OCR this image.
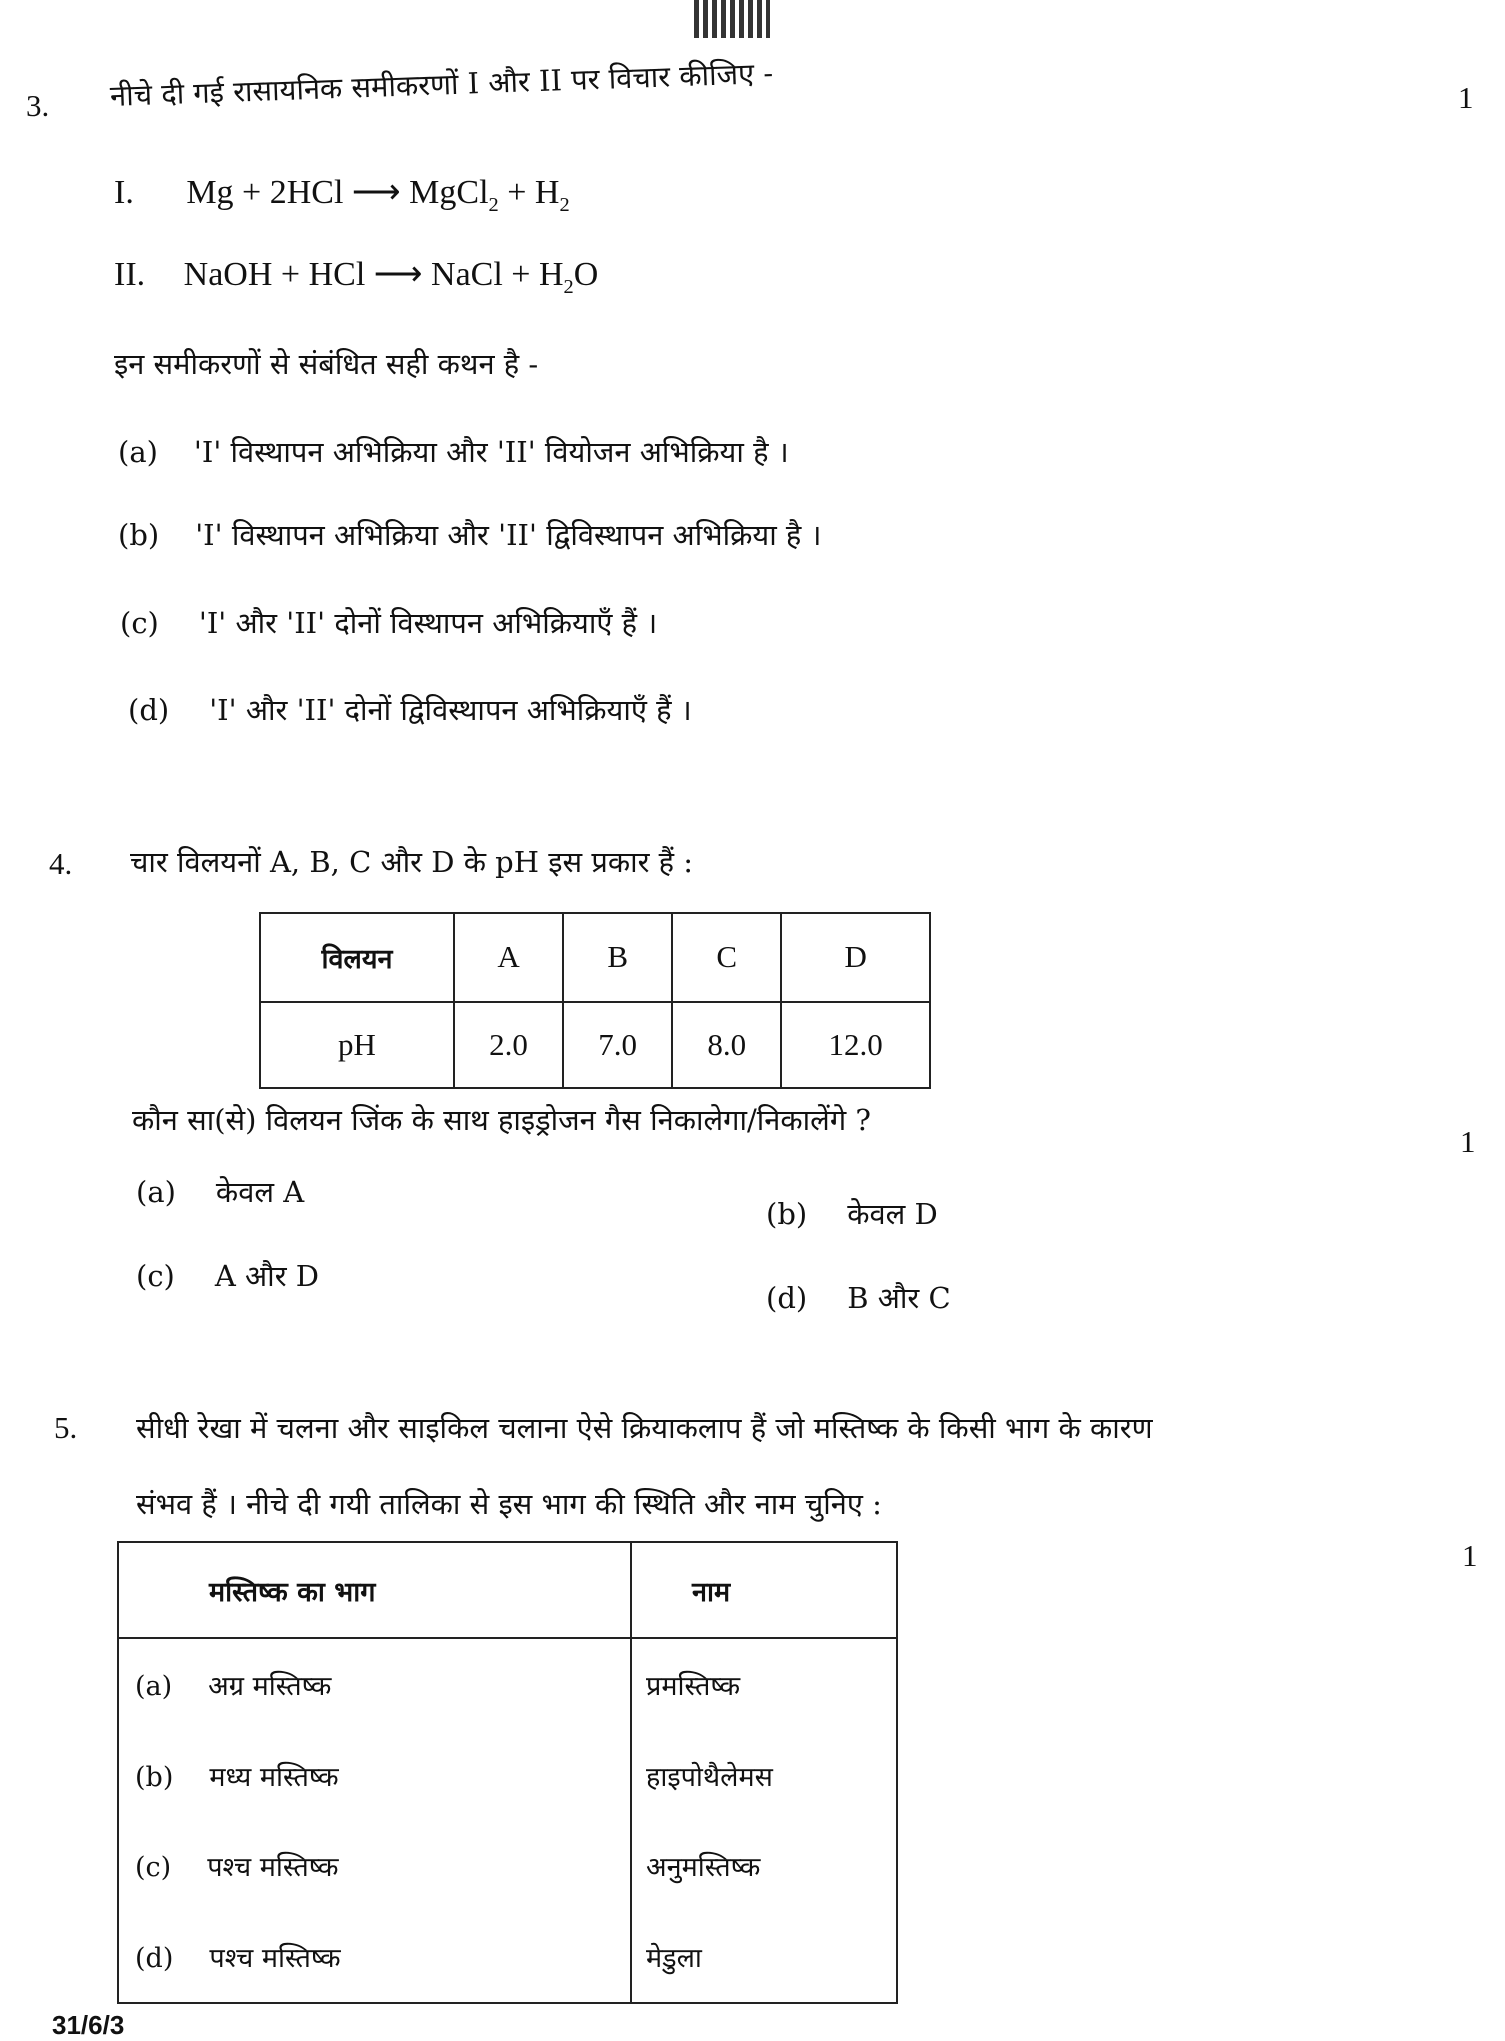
3. नीचे दी गई रासायनिक समीकरणों I और II पर विचार कीजिए -	1
I. Mg + 2HCl ⟶ MgCl$_2$ + $H_2$
II. NaOH + HCl ⟶ NaCl + $H_2O$
इन समीकरणों से संबंधित सही कथन है -
(a) 'I' विस्थापन अभिक्रिया और 'II' वियोजन अभिक्रिया है ।
(b) 'I' विस्थापन अभिक्रिया और 'II' द्विविस्थापन अभिक्रिया है ।
(c) 'I' और 'II' दोनों विस्थापन अभिक्रियाएँ हैं ।
(d) 'I' और 'II' दोनों द्विविस्थापन अभिक्रियाएँ हैं ।
4. चार विलयनों A, B, C और D के pH इस प्रकार हैं :
विलयन	A	B	C	D
pH	2.0	7.0	8.0	12.0
कौन सा(से) विलयन जिंक के साथ हाइड्रोजन गैस निकालेगा/निकालेंगे ?
1
(a) केवल A
(b) केवल D
(c) A और D
(d) B और C
5. सीधी रेखा में चलना और साइकिल चलाना ऐसे क्रियाकलाप हैं जो मस्तिष्क के किसी भाग के कारण
संभव हैं । नीचे दी गयी तालिका से इस भाग की स्थिति और नाम चुनिए :
1
मस्तिष्क का भाग	नाम
(a) अग्र मस्तिष्क	प्रमस्तिष्क
(b) मध्य मस्तिष्क	हाइपोथैलेमस
(c) पश्च मस्तिष्क	अनुमस्तिष्क
(d) पश्च मस्तिष्क	मेडुला
31/6/3
